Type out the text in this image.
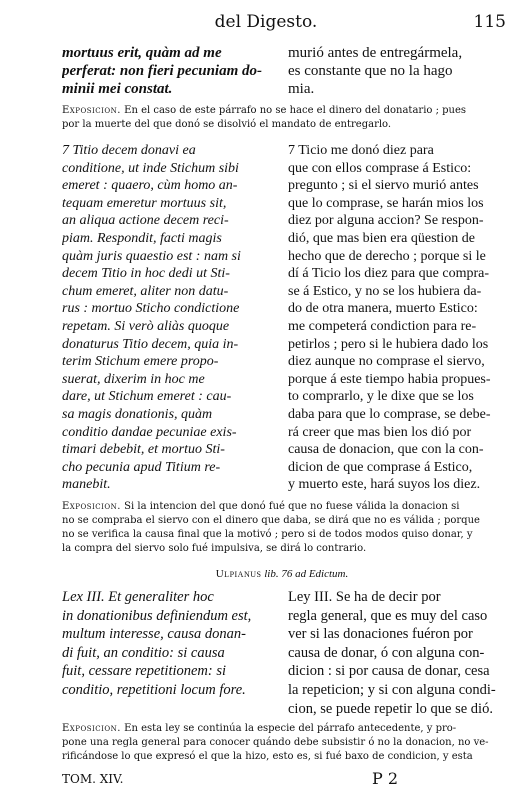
del Digesto.	115
mortuus erit, quàm ad me
perferat: non fieri pecuniam do-
minii mei constat.
murió antes de entregármela,
es constante que no la hago
mia.
Exposicion. En el caso de este párrafo no se hace el dinero del donatario ; pues
por la muerte del que donó se disolvió el mandato de entregarlo.
7 Titio decem donavi ea
conditione, ut inde Stichum sibi
emeret : quaero, cùm homo an-
tequam emeretur mortuus sit,
an aliqua actione decem reci-
piam. Respondit, facti magis
quàm juris quaestio est : nam si
decem Titio in hoc dedi ut Sti-
chum emeret, aliter non datu-
rus : mortuo Sticho condictione
repetam. Si verò aliàs quoque
donaturus Titio decem, quia in-
terim Stichum emere propo-
suerat, dixerim in hoc me
dare, ut Stichum emeret : cau-
sa magis donationis, quàm
conditio dandae pecuniae exis-
timari debebit, et mortuo Sti-
cho pecunia apud Titium re-
manebit.
7 Ticio me donó diez para
que con ellos comprase á Estico:
pregunto ; si el siervo murió antes
que lo comprase, se harán mios los
diez por alguna accion? Se respon-
dió, que mas bien era qüestion de
hecho que de derecho ; porque si le
dí á Ticio los diez para que compra-
se á Estico, y no se los hubiera da-
do de otra manera, muerto Estico:
me competerá condiction para re-
petirlos ; pero si le hubiera dado los
diez aunque no comprase el siervo,
porque á este tiempo habia propues-
to comprarlo, y le dixe que se los
daba para que lo comprase, se debe-
rá creer que mas bien los dió por
causa de donacion, que con la con-
dicion de que comprase á Estico,
y muerto este, hará suyos los diez.
Exposicion. Si la intencion del que donó fué que no fuese válida la donacion si
no se compraba el siervo con el dinero que daba, se dirá que no es válida ; porque
no se verifica la causa final que la motivó ; pero si de todos modos quiso donar, y
la compra del siervo solo fué impulsiva, se dirá lo contrario.
Ulpianus lib. 76 ad Edictum.
Lex III. Et generaliter hoc
in donationibus definiendum est,
multum interesse, causa donan-
di fuit, an conditio: si causa
fuit, cessare repetitionem: si
conditio, repetitioni locum fore.
Ley III. Se ha de decir por
regla general, que es muy del caso
ver si las donaciones fuéron por
causa de donar, ó con alguna con-
dicion : si por causa de donar, cesa
la repeticion; y si con alguna condi-
cion, se puede repetir lo que se dió.
Exposicion. En esta ley se continúa la especie del párrafo antecedente, y pro-
pone una regla general para conocer quándo debe subsistir ó no la donacion, no ve-
rificándose lo que expresó el que la hizo, esto es, si fué baxo de condicion, y esta
TOM. XIV.	P 2
